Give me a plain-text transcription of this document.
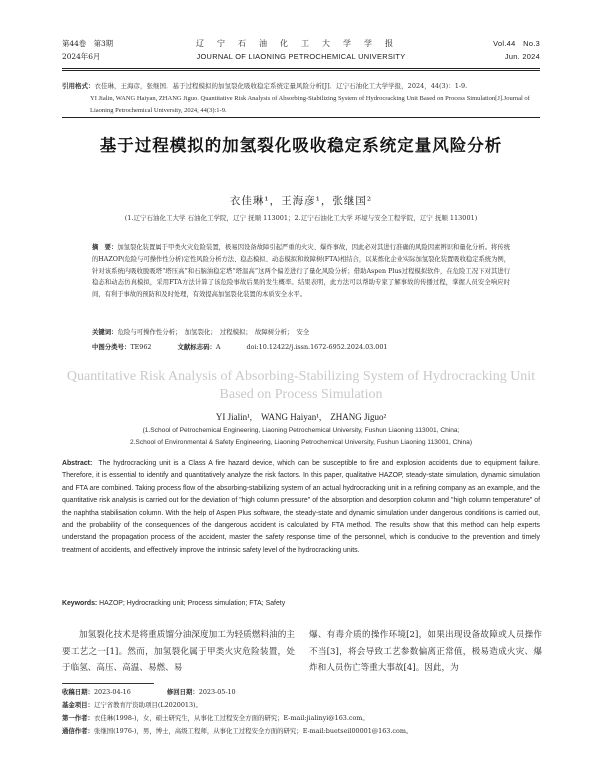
第44卷　第3期
2024年6月
辽宁石油化工大学学报
JOURNAL OF LIAONING PETROCHEMICAL UNIVERSITY
Vol.44　No.3
Jun. 2024
引用格式：衣佳琳，王海彦，张继国．基于过程模拟的加氢裂化吸收稳定系统定量风险分析[J]．辽宁石油化工大学学报，2024，44(3)：1-9.
YI Jialin, WANG Haiyan, ZHANG Jiguo. Quantitative Risk Analysis of Absorbing-Stabilizing System of Hydrocracking Unit Based on Process Simulation[J].Journal of Liaoning Petrochemical University, 2024, 44(3):1-9.
基于过程模拟的加氢裂化吸收稳定系统定量风险分析
衣佳琳¹，王海彦¹，张继国²
(1.辽宁石油化工大学 石油化工学院，辽宁 抚顺 113001；2.辽宁石油化工大学 环境与安全工程学院，辽宁 抚顺 113001)
摘　要：加氢裂化装置属于甲类火灾危险装置，极易因设备故障引起严重的火灾、爆炸事故，因此必对其进行准确的风险因素辨识和量化分析。将传统的HAZOP(危险与可操作性分析)定性风险分析方法、稳态模拟、动态模拟和故障树(FTA)相结合，以某炼化企业实际加氢裂化装置吸收稳定系统为例，针对该系统内吸收脱吸塔“塔压高”和石脑油稳定塔“塔温高”这两个偏差进行了量化风险分析；借助Aspen Plus过程模拟软件，在危险工况下对其进行稳态和动态仿真模拟，采用FTA方法计算了该危险事故后果的发生概率。结果表明，此方法可以帮助专家了解事故的传播过程，掌握人员安全响应时间，有利于事故的预防和及时处理，有效提高加氢裂化装置的本质安全水平。
关键词：危险与可操作性分析；　加氢裂化；　过程模拟；　故障树分析；　安全
中图分类号：TE962	文献标志码：A	doi:10.12422/j.issn.1672-6952.2024.03.001
Quantitative Risk Analysis of Absorbing-Stabilizing System of Hydrocracking Unit Based on Process Simulation
YI Jialin¹,　WANG Haiyan¹,　ZHANG Jiguo²
(1.School of Petrochemical Engineering, Liaoning Petrochemical University, Fushun Liaoning 113001, China;
2.School of Environmental & Safety Engineering, Liaoning Petrochemical University, Fushun Liaoning 113001, China)
Abstract: The hydrocracking unit is a Class A fire hazard device, which can be susceptible to fire and explosion accidents due to equipment failure. Therefore, it is essential to identify and quantitatively analyze the risk factors. In this paper, qualitative HAZOP, steady-state simulation, dynamic simulation and FTA are combined. Taking process flow of the absorbing-stabilizing system of an actual hydrocracking unit in a refining company as an example, and the quantitative risk analysis is carried out for the deviation of "high column pressure" of the absorption and desorption column and "high column temperature" of the naphtha stabilisation column. With the help of Aspen Plus software, the steady-state and dynamic simulation under dangerous conditions is carried out, and the probability of the consequences of the dangerous accident is calculated by FTA method. The results show that this method can help experts understand the propagation process of the accident, master the safety response time of the personnel, which is conducive to the prevention and timely treatment of accidents, and effectively improve the intrinsic safety level of the hydrocracking units.
Keywords: HAZOP; Hydrocracking unit; Process simulation; FTA; Safety
加氢裂化技术是将重质馏分油深度加工为轻质燃料油的主要工艺之一[1]。然而，加氢裂化属于甲类火灾危险装置，处于临氢、高压、高温、易燃、易
爆、有毒介质的操作环境[2]，如果出现设备故障或人员操作不当[3]，将会导致工艺参数偏离正常值，极易造成火灾、爆炸和人员伤亡等重大事故[4]。因此，为
收稿日期：2023-04-16	修回日期：2023-05-10
基金项目：辽宁省教育厅资助项目(L2020013)。
第一作者：衣佳琳(1998-)，女，硕士研究生，从事化工过程安全方面的研究；E-mail:jialinyi@163.com。
通信作者：张继国(1976-)，男，博士，高级工程师，从事化工过程安全方面的研究；E-mail:buetseil00001@163.com。
